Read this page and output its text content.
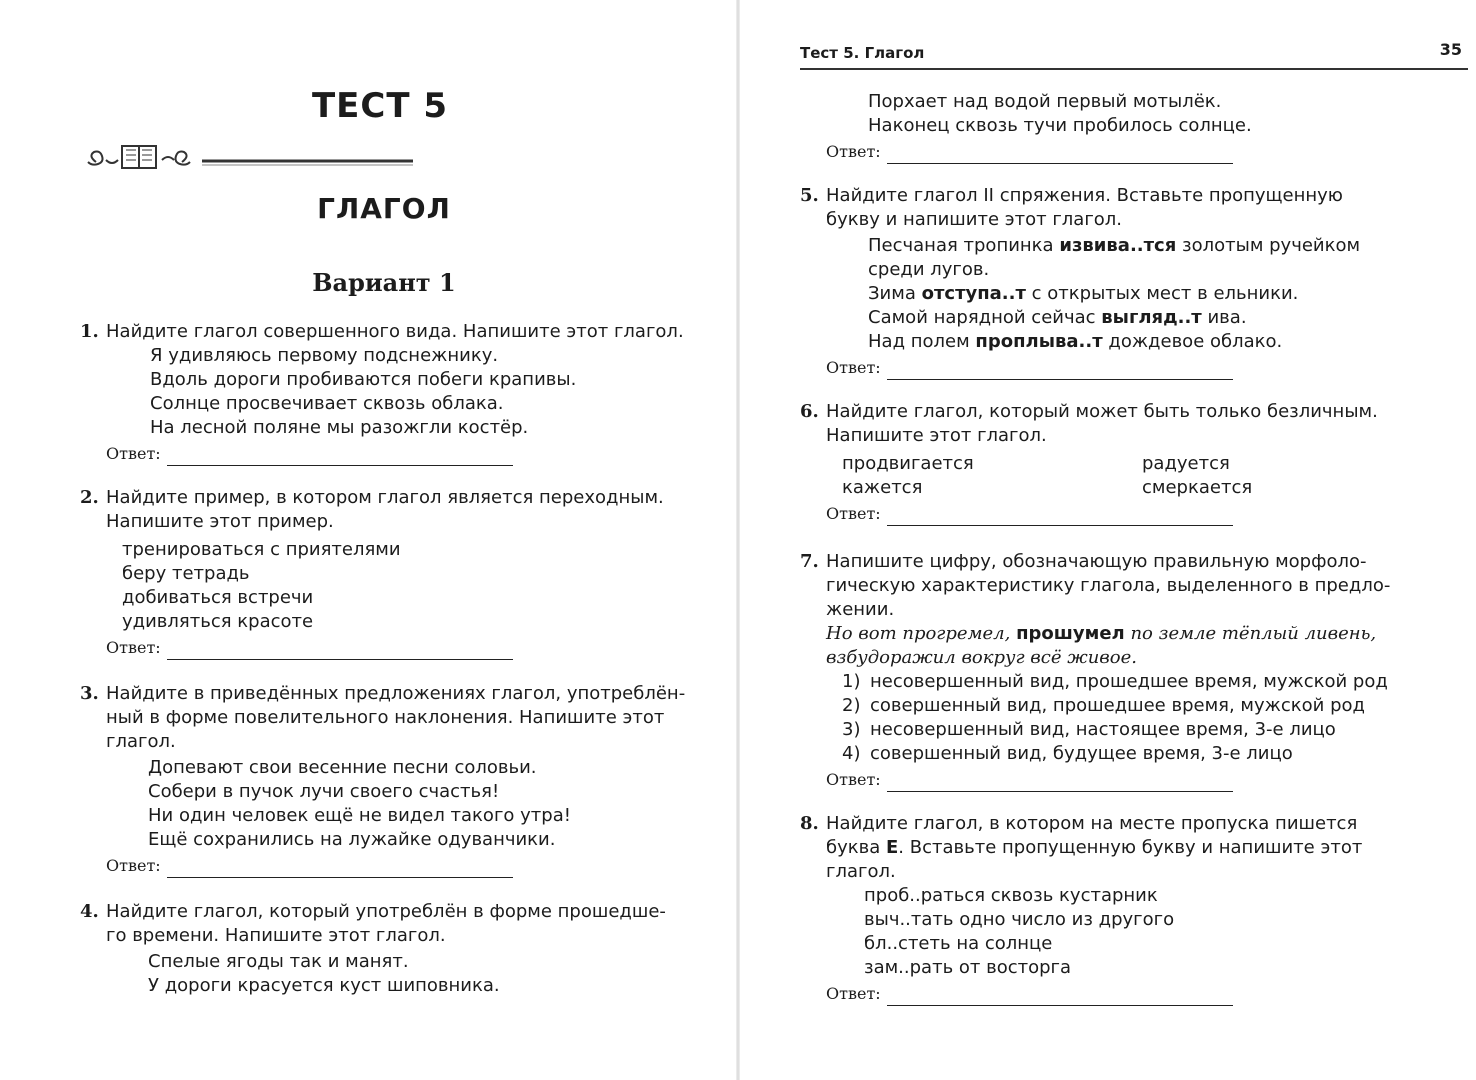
ТЕСТ 5
ГЛАГОЛ
Вариант 1
1. Найдите глагол совершенного вида. Напишите этот глагол.
Я удивляюсь первому подснежнику.
Вдоль дороги пробиваются побеги крапивы.
Солнце просвечивает сквозь облака.
На лесной поляне мы разожгли костёр.
Ответ:
2. Найдите пример, в котором глагол является переходным.
Напишите этот пример.
тренироваться с приятелями
беру тетрадь
добиваться встречи
удивляться красоте
Ответ:
3. Найдите в приведённых предложениях глагол, употреблён-
ный в форме повелительного наклонения. Напишите этот
глагол.
Допевают свои весенние песни соловьи.
Собери в пучок лучи своего счастья!
Ни один человек ещё не видел такого утра!
Ещё сохранились на лужайке одуванчики.
Ответ:
4. Найдите глагол, который употреблён в форме прошедше-
го времени. Напишите этот глагол.
Спелые ягоды так и манят.
У дороги красуется куст шиповника.
Тест 5. Глагол	35
Порхает над водой первый мотылёк.
Наконец сквозь тучи пробилось солнце.
Ответ:
5. Найдите глагол II спряжения. Вставьте пропущенную
букву и напишите этот глагол.
Песчаная тропинка извива..тся золотым ручейком
среди лугов.
Зима отступа..т с открытых мест в ельники.
Самой нарядной сейчас выгляд..т ива.
Над полем проплыва..т дождевое облако.
Ответ:
6. Найдите глагол, который может быть только безличным.
Напишите этот глагол.
продвигается
кажется
радуется
смеркается
Ответ:
7. Напишите цифру, обозначающую правильную морфоло-
гическую характеристику глагола, выделенного в предло-
жении.
Но вот прогремел, прошумел по земле тёплый ливень,
взбудоражил вокруг всё живое.
1) несовершенный вид, прошедшее время, мужской род
2) совершенный вид, прошедшее время, мужской род
3) несовершенный вид, настоящее время, 3-е лицо
4) совершенный вид, будущее время, 3-е лицо
Ответ:
8. Найдите глагол, в котором на месте пропуска пишется
буква Е. Вставьте пропущенную букву и напишите этот
глагол.
проб..раться сквозь кустарник
выч..тать одно число из другого
бл..стеть на солнце
зам..рать от восторга
Ответ:
